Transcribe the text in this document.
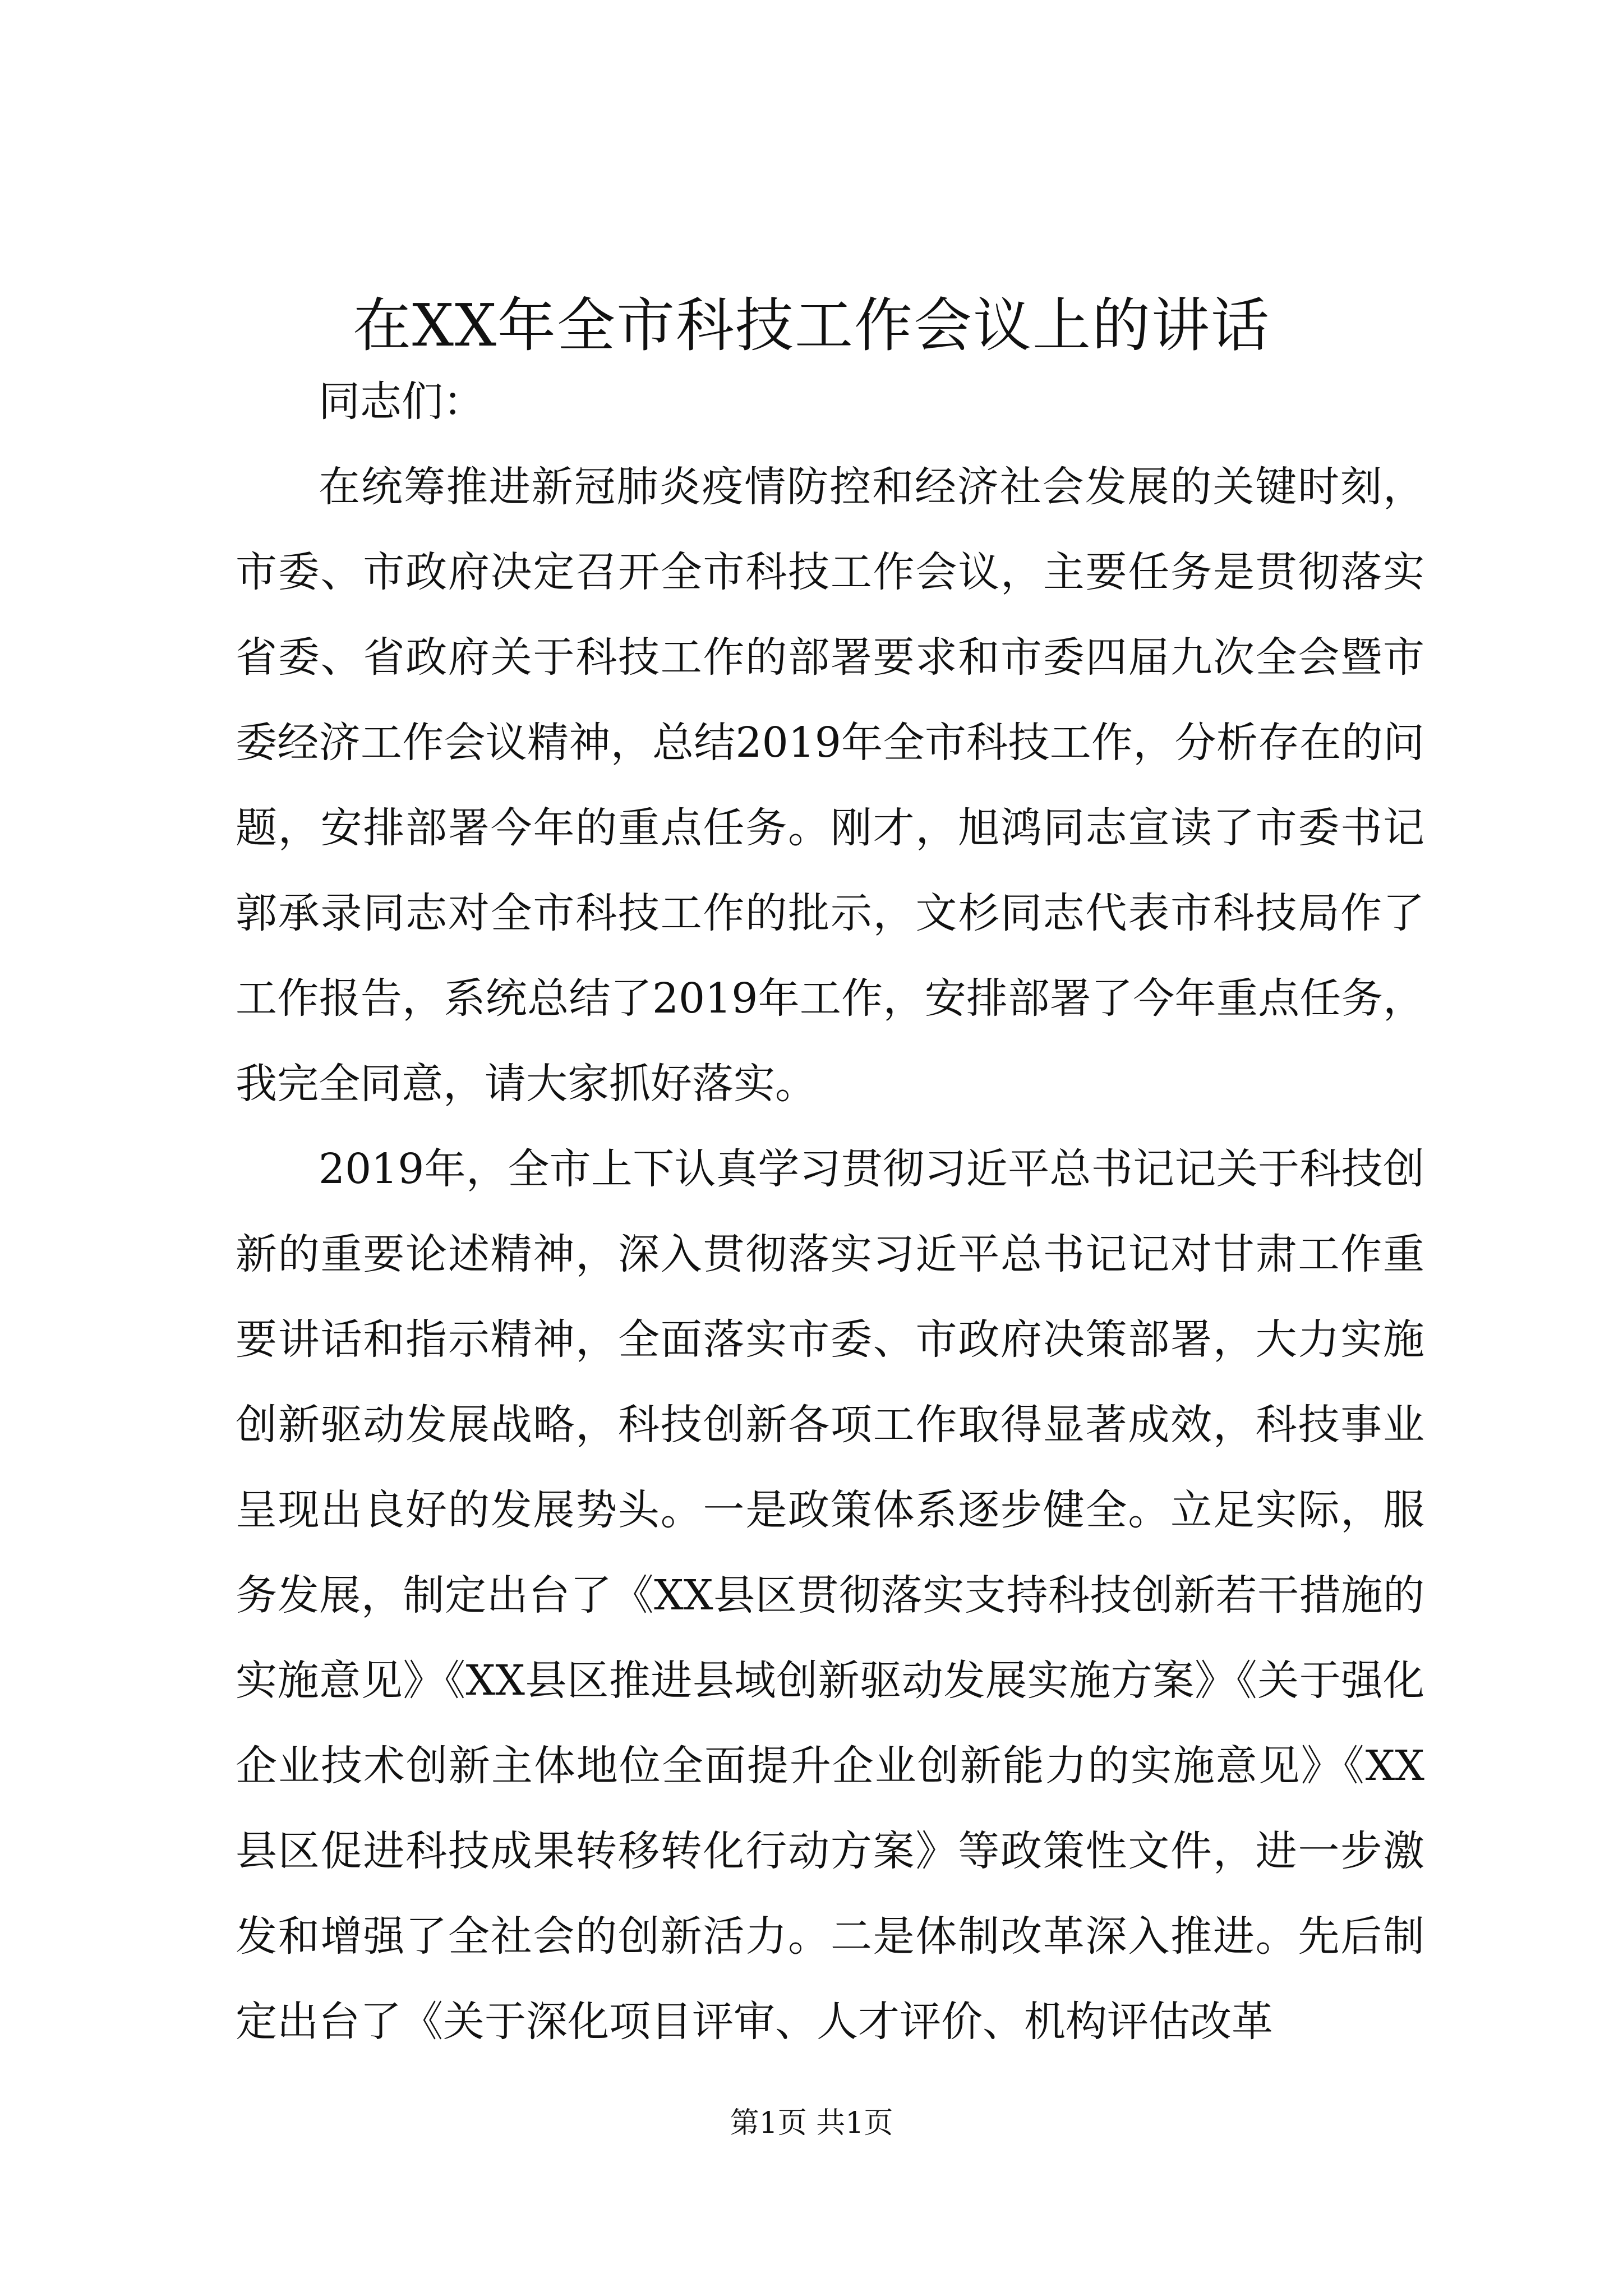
在XX年全市科技工作会议上的讲话

同志们：

在统筹推进新冠肺炎疫情防控和经济社会发展的关键时刻，市委、市政府决定召开全市科技工作会议，主要任务是贯彻落实省委、省政府关于科技工作的部署要求和市委四届九次全会暨市委经济工作会议精神，总结2019年全市科技工作，分析存在的问题，安排部署今年的重点任务。刚才，旭鸿同志宣读了市委书记郭承录同志对全市科技工作的批示，文杉同志代表市科技局作了工作报告，系统总结了2019年工作，安排部署了今年重点任务，我完全同意，请大家抓好落实。

2019年，全市上下认真学习贯彻习近平总书记记关于科技创新的重要论述精神，深入贯彻落实习近平总书记记对甘肃工作重要讲话和指示精神，全面落实市委、市政府决策部署，大力实施创新驱动发展战略，科技创新各项工作取得显著成效，科技事业呈现出良好的发展势头。一是政策体系逐步健全。立足实际，服务发展，制定出台了《XX县区贯彻落实支持科技创新若干措施的实施意见》《XX县区推进县域创新驱动发展实施方案》《关于强化企业技术创新主体地位全面提升企业创新能力的实施意见》《XX县区促进科技成果转移转化行动方案》等政策性文件，进一步激发和增强了全社会的创新活力。二是体制改革深入推进。先后制定出台了《关于深化项目评审、人才评价、机构评估改革

第1页 共1页
